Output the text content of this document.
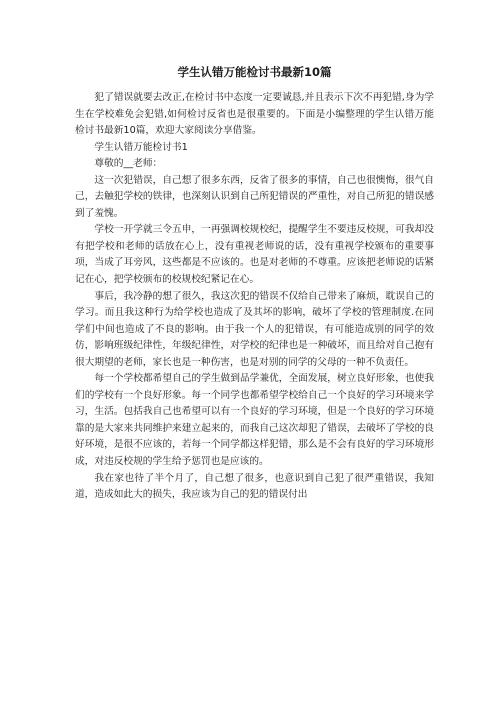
学生认错万能检讨书最新10篇

犯了错误就要去改正,在检讨书中态度一定要诚恳,并且表示下次不再犯错,身为学生在学校难免会犯错,如何检讨反省也是很重要的。下面是小编整理的学生认错万能检讨书最新10篇，欢迎大家阅读分享借鉴。

学生认错万能检讨书1

尊敬的__老师：

这一次犯错误，自己想了很多东西，反省了很多的事情，自己也很懊悔，很气自己，去触犯学校的铁律，也深刻认识到自己所犯错误的严重性，对自己所犯的错误感到了羞愧。

学校一开学就三令五申，一再强调校规校纪，提醒学生不要违反校规，可我却没有把学校和老师的话放在心上，没有重视老师说的话，没有重视学校颁布的重要事项，当成了耳旁风，这些都是不应该的。也是对老师的不尊重。应该把老师说的话紧记在心，把学校颁布的校规校纪紧记在心。

事后，我冷静的想了很久，我这次犯的错误不仅给自己带来了麻烦，耽误自己的学习。而且我这种行为给学校也造成了及其坏的影响，破坏了学校的管理制度.在同学们中间也造成了不良的影响。由于我一个人的犯错误，有可能造成别的同学的效仿，影响班级纪律性，年级纪律性，对学校的纪律也是一种破坏，而且给对自己抱有很大期望的老师，家长也是一种伤害，也是对别的同学的父母的一种不负责任。

每一个学校都希望自己的学生做到品学兼优，全面发展，树立良好形象，也使我们的学校有一个良好形象。每一个同学也都希望学校给自己一个良好的学习环境来学习，生活。包括我自己也希望可以有一个良好的学习环境，但是一个良好的学习环境靠的是大家来共同维护来建立起来的，而我自己这次却犯了错误，去破坏了学校的良好环境，是很不应该的，若每一个同学都这样犯错，那么是不会有良好的学习环境形成，对违反校规的学生给予惩罚也是应该的。

我在家也待了半个月了，自己想了很多，也意识到自己犯了很严重错误，我知道，造成如此大的损失，我应该为自己的犯的错误付出
